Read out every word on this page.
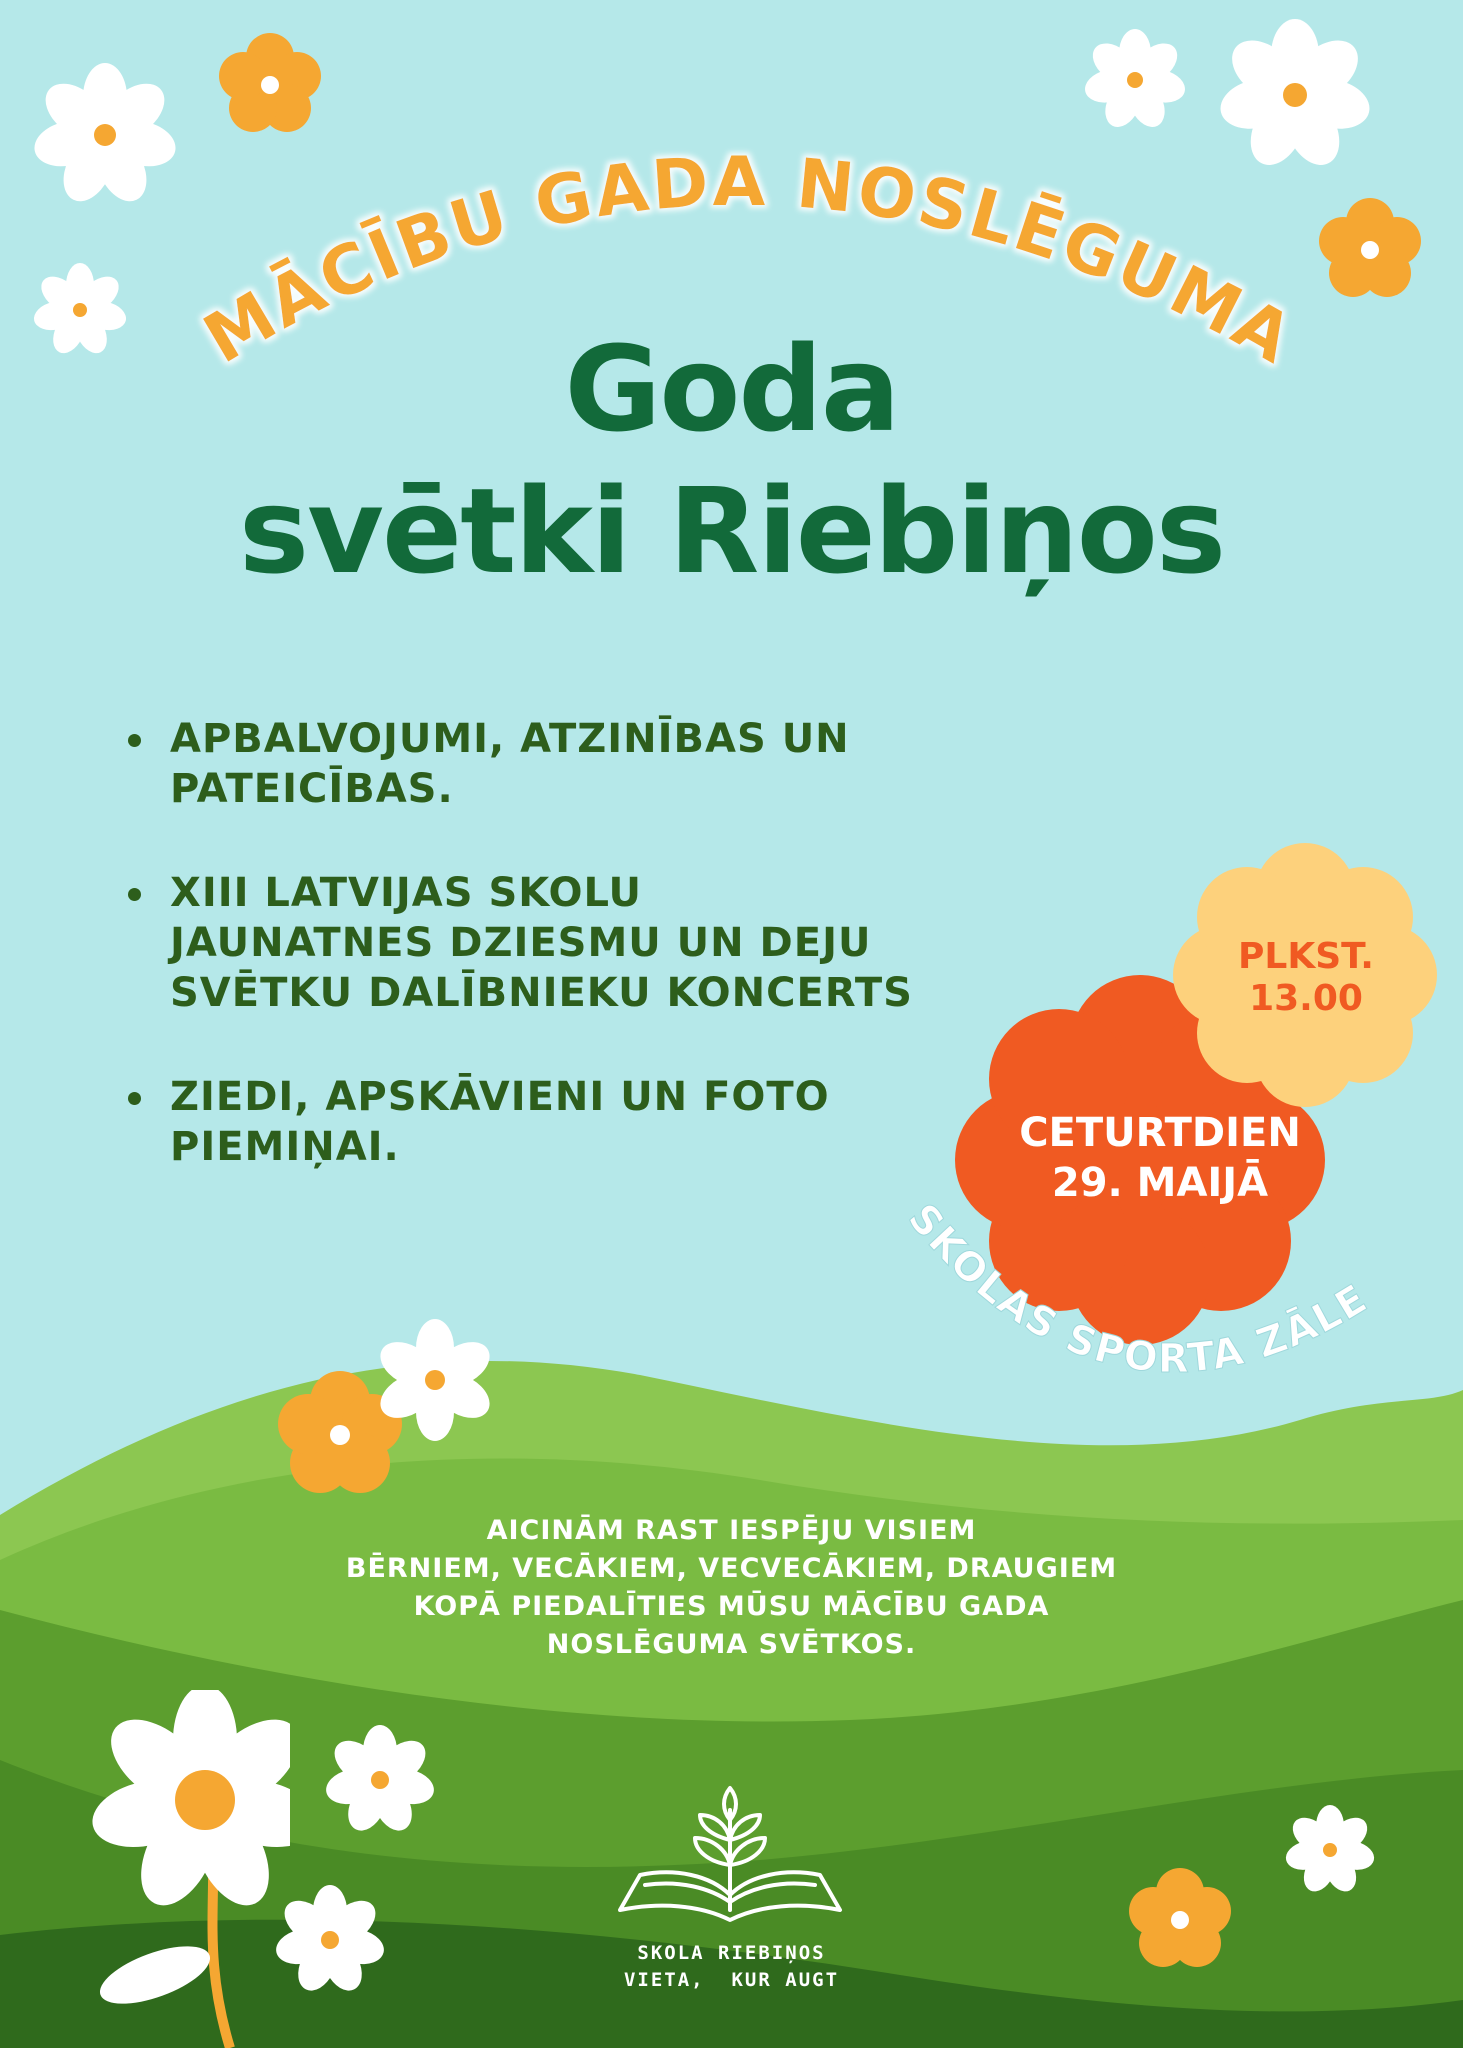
MĀCĪBU GADA NOSLĒGUMA
Goda
svētki Riebiņos
APBALVOJUMI, ATZINĪBAS UN
PATEICĪBAS.
XIII LATVIJAS SKOLU
JAUNATNES DZIESMU UN DEJU
SVĒTKU DALĪBNIEKU KONCERTS
ZIEDI, APSKĀVIENI UN FOTO
PIEMIŅAI.
PLKST.
13.00
CETURTDIEN
29. MAIJĀ
SKOLAS SPORTA ZĀLE
AICINĀM RAST IESPĒJU VISIEM
BĒRNIEM, VECĀKIEM, VECVECĀKIEM, DRAUGIEM
KOPĀ PIEDALĪTIES MŪSU MĀCĪBU GADA
NOSLĒGUMA SVĒTKOS.
SKOLA RIEBIŅOS
VIETA,  KUR AUGT
